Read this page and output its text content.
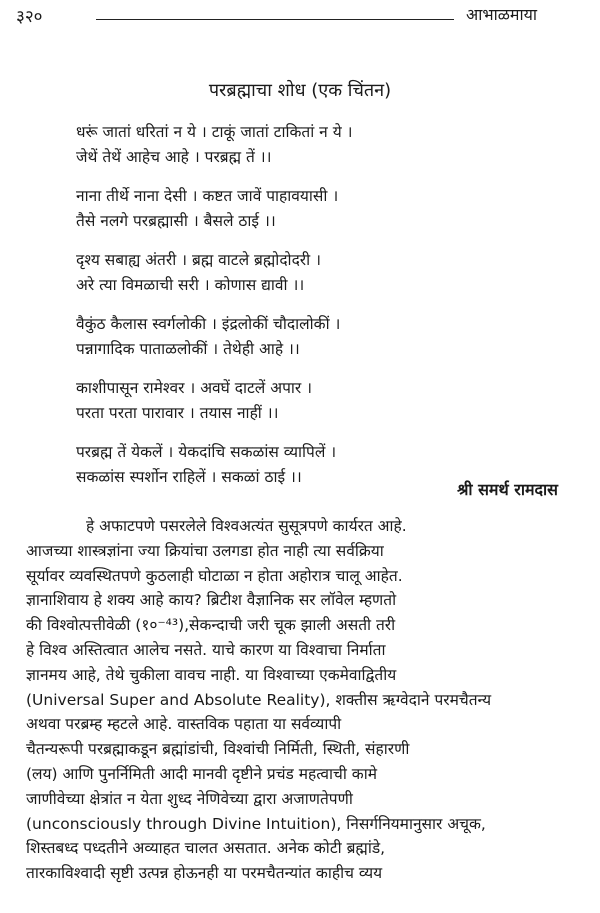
३२०	आभाळमाया
परब्रह्माचा शोध (एक चिंतन)
धरूं जातां धरितां न ये । टाकूं जातां टाकितां न ये ।
जेथें तेथें आहेच आहे । परब्रह्म तें ।।
नाना तीर्थे नाना देसी । कष्टत जावें पाहावयासी ।
तैसे नलगे परब्रह्मासी । बैसले ठाई ।।
दृश्य सबाह्य अंतरी । ब्रह्म वाटले ब्रह्मोदोदरी ।
अरे त्या विमळाची सरी । कोणास द्यावी ।।
वैकुंठ कैलास स्वर्गलोकी । इंद्रलोकीं चौदालोकीं ।
पन्नागादिक पाताळलोकीं । तेथेही आहे ।।
काशीपासून रामेश्वर । अवघें दाटलें अपार ।
परता परता पारावार । तयास नाहीं ।।
परब्रह्म तें येकलें । येकदांचि सकळांस व्यापिलें ।
सकळांस स्पर्शोन राहिलें । सकळां ठाई ।।
श्री समर्थ रामदास

हे अफाटपणे पसरलेले विश्वअत्यंत सुसूत्रपणे कार्यरत आहे.

आजच्या शास्त्रज्ञांना ज्या क्रियांचा उलगडा होत नाही त्या सर्वक्रिया

सूर्यावर व्यवस्थितपणे कुठलाही घोटाळा न होता अहोरात्र चालू आहेत.

ज्ञानाशिवाय हे शक्य आहे काय? ब्रिटीश वैज्ञानिक सर लॉवेल म्हणतो

की विश्वोत्पत्तीवेळी (१०⁻⁴³),सेकन्दाची जरी चूक झाली असती तरी

हे विश्व अस्तित्वात आलेच नसते. याचे कारण या विश्वाचा निर्माता

ज्ञानमय आहे, तेथे चुकीला वावच नाही. या विश्वाच्या एकमेवाद्वितीय

(Universal Super and Absolute Reality), शक्तीस ऋग्वेदाने परमचैतन्य

अथवा परब्रम्ह म्हटले आहे. वास्तविक पहाता या सर्वव्यापी

चैतन्यरूपी परब्रह्माकडून ब्रह्मांडांची, विश्वांची निर्मिती, स्थिती, संहारणी

(लय) आणि पुनर्निमिती आदी मानवी दृष्टीने प्रचंड महत्वाची कामे

जाणीवेच्या क्षेत्रांत न येता शुध्द नेणिवेच्या द्वारा अजाणतेपणी

(unconsciously through Divine Intuition), निसर्गनियमानुसार अचूक,

शिस्तबध्द पध्दतीने अव्याहत चालत असतात. अनेक कोटी ब्रह्मांडे,

तारकाविश्वादी सृष्टी उत्पन्न होऊनही या परमचैतन्यांत काहीच व्यय
